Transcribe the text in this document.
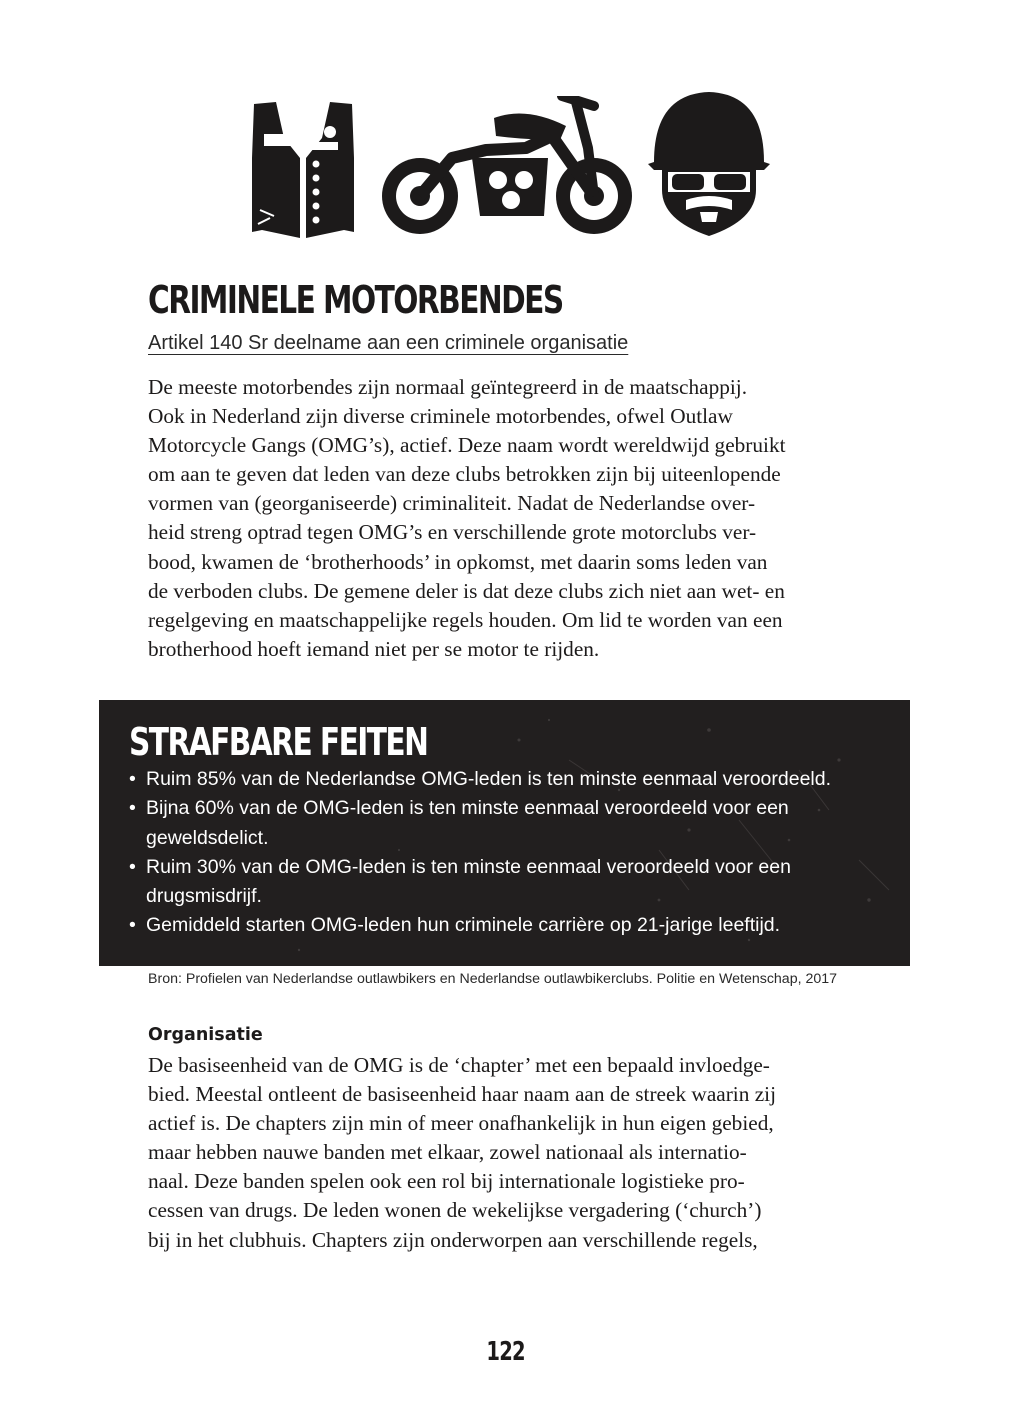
CRIMINELE MOTORBENDES

Artikel 140 Sr deelname aan een criminele organisatie

De meeste motorbendes zijn normaal geïntegreerd in de maatschappij.
Ook in Nederland zijn diverse criminele motorbendes, ofwel Outlaw
Motorcycle Gangs (OMG’s), actief. Deze naam wordt wereldwijd gebruikt
om aan te geven dat leden van deze clubs betrokken zijn bij uiteenlopende
vormen van (georganiseerde) criminaliteit. Nadat de Nederlandse over-
heid streng optrad tegen OMG’s en verschillende grote motorclubs ver-
bood, kwamen de ‘brotherhoods’ in opkomst, met daarin soms leden van
de verboden clubs. De gemene deler is dat deze clubs zich niet aan wet- en
regelgeving en maatschappelijke regels houden. Om lid te worden van een
brotherhood hoeft iemand niet per se motor te rijden.
STRAFBARE FEITEN
• Ruim 85% van de Nederlandse OMG-leden is ten minste eenmaal veroordeeld.
• Bijna 60% van de OMG-leden is ten minste eenmaal veroordeeld voor een
geweldsdelict.
• Ruim 30% van de OMG-leden is ten minste eenmaal veroordeeld voor een
drugsmisdrijf.
• Gemiddeld starten OMG-leden hun criminele carrière op 21-jarige leeftijd.

Bron: Profielen van Nederlandse outlawbikers en Nederlandse outlawbikerclubs. Politie en Wetenschap, 2017

Organisatie
De basiseenheid van de OMG is de ‘chapter’ met een bepaald invloedge-
bied. Meestal ontleent de basiseenheid haar naam aan de streek waarin zij
actief is. De chapters zijn min of meer onafhankelijk in hun eigen gebied,
maar hebben nauwe banden met elkaar, zowel nationaal als internatio-
naal. Deze banden spelen ook een rol bij internationale logistieke pro-
cessen van drugs. De leden wonen de wekelijkse vergadering (‘church’)
bij in het clubhuis. Chapters zijn onderworpen aan verschillende regels,
122
